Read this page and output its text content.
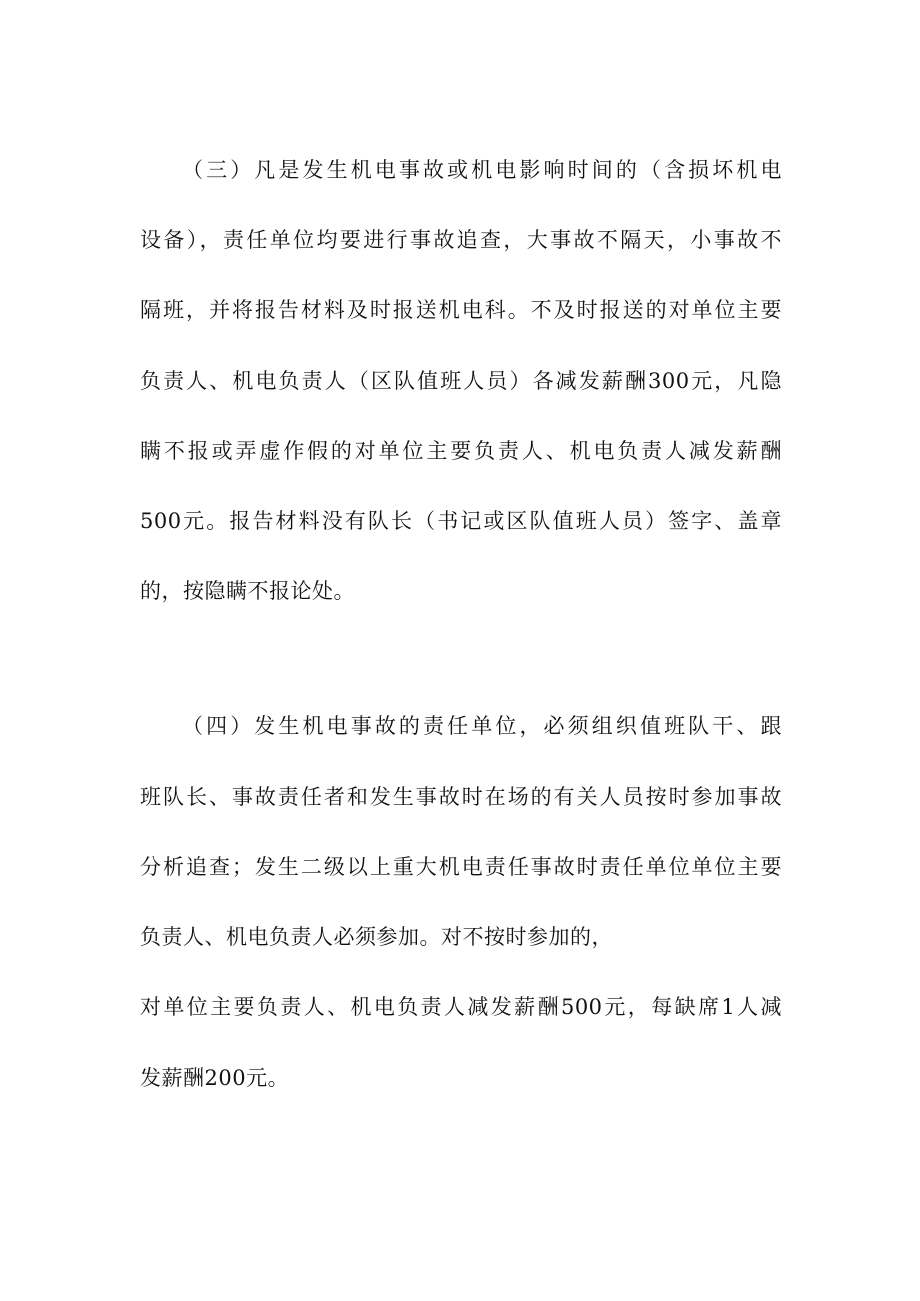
（三）凡是发生机电事故或机电影响时间的（含损坏机电
设备），责任单位均要进行事故追查，大事故不隔天，小事故不
隔班，并将报告材料及时报送机电科。不及时报送的对单位主要
负责人、机电负责人（区队值班人员）各减发薪酬300元，凡隐
瞒不报或弄虚作假的对单位主要负责人、机电负责人减发薪酬
500元。报告材料没有队长（书记或区队值班人员）签字、盖章
的，按隐瞒不报论处。
（四）发生机电事故的责任单位，必须组织值班队干、跟
班队长、事故责任者和发生事故时在场的有关人员按时参加事故
分析追查；发生二级以上重大机电责任事故时责任单位单位主要
负责人、机电负责人必须参加。对不按时参加的，
对单位主要负责人、机电负责人减发薪酬500元，每缺席1人减
发薪酬200元。
